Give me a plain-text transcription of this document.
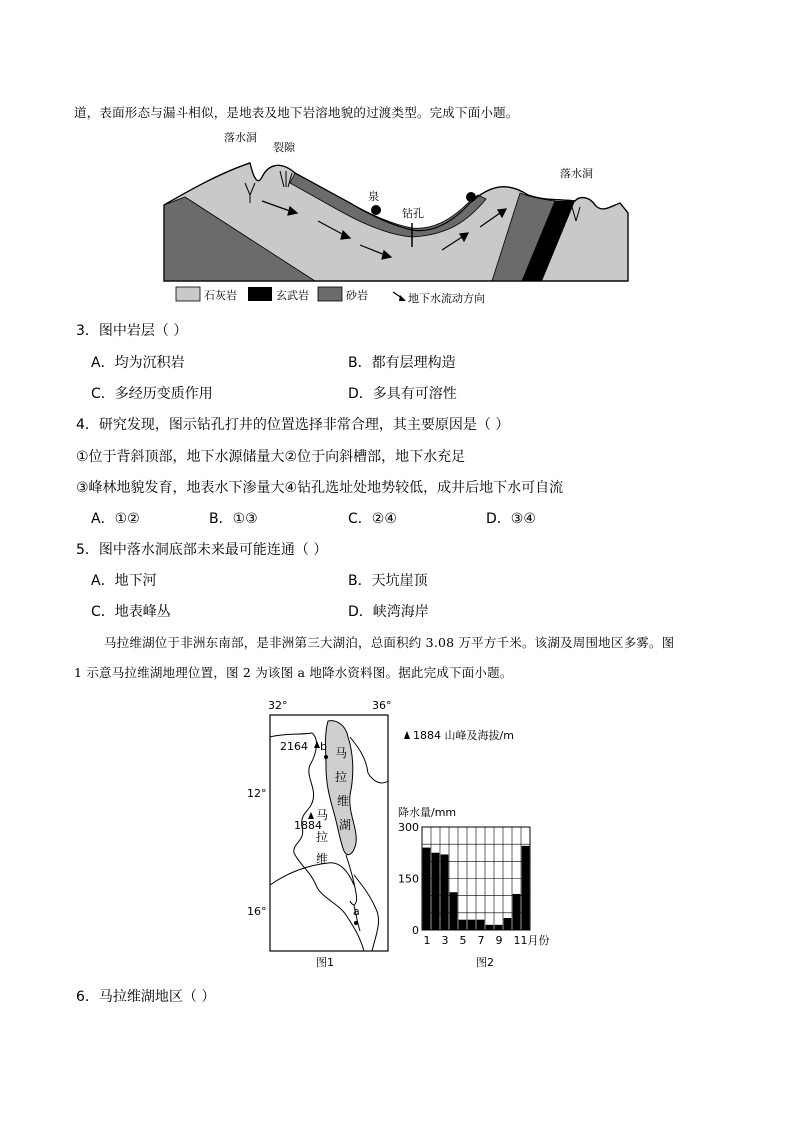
道，表面形态与漏斗相似，是地表及地下岩溶地貌的过渡类型。完成下面小题。
落水洞
裂隙
泉
钻孔
落水洞
石灰岩	玄武岩	砂岩	地下水流动方向
3．图中岩层（ ）
A．均为沉积岩	B．都有层理构造
C．多经历变质作用	D．多具有可溶性
4．研究发现，图示钻孔打井的位置选择非常合理，其主要原因是（ ）
①位于背斜顶部，地下水源储量大②位于向斜槽部，地下水充足
③峰林地貌发育，地表水下渗量大④钻孔选址处地势较低，成井后地下水可自流
A．①②	B．①③	C．②④	D．③④
5．图中落水洞底部未来最可能连通（ ）
A．地下河	B．天坑崖顶
C．地表峰丛	D．峡湾海岸
马拉维湖位于非洲东南部，是非洲第三大湖泊，总面积约 3.08 万平方千米。该湖及周围地区多雾。图
1 示意马拉维湖地理位置，图 2 为该图 a 地降水资料图。据此完成下面小题。
32°	36°
12°
16°
2164 b 马
拉
维
湖
1884
马
拉
维
a
图1
1884 山峰及海拔/m
降水量/mm
300
150
0
1 3 5 7 9 11月份
图2
6．马拉维湖地区（ ）
